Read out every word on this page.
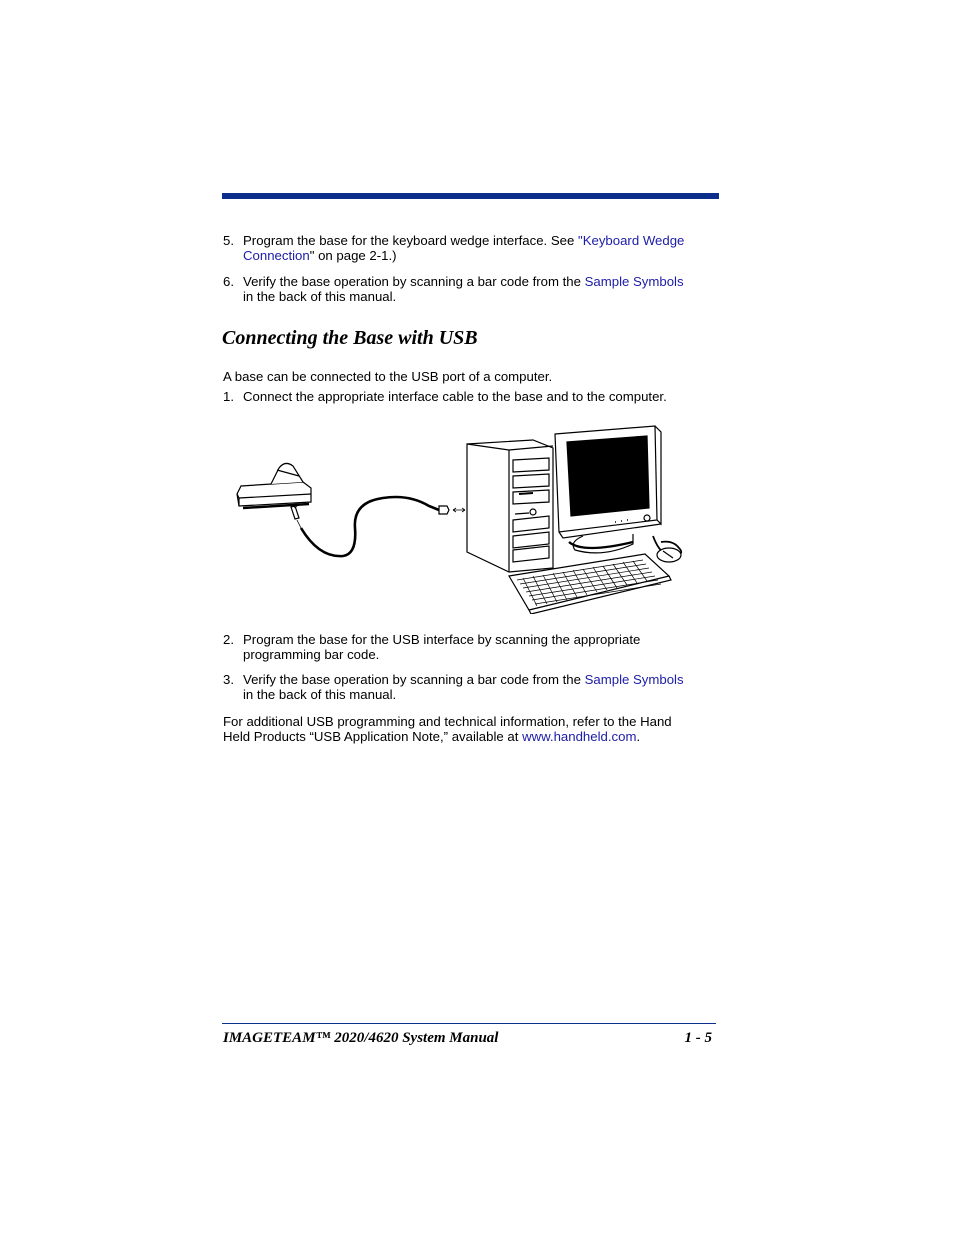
5. Program the base for the keyboard wedge interface. See "Keyboard Wedge
Connection" on page 2-1.)
6. Verify the base operation by scanning a bar code from the Sample Symbols
in the back of this manual.
Connecting the Base with USB
A base can be connected to the USB port of a computer.
1. Connect the appropriate interface cable to the base and to the computer.
2. Program the base for the USB interface by scanning the appropriate
programming bar code.
3. Verify the base operation by scanning a bar code from the Sample Symbols
in the back of this manual.
For additional USB programming and technical information, refer to the Hand
Held Products “USB Application Note,” available at www.handheld.com.
IMAGETEAM™ 2020/4620 System Manual	1 - 5
